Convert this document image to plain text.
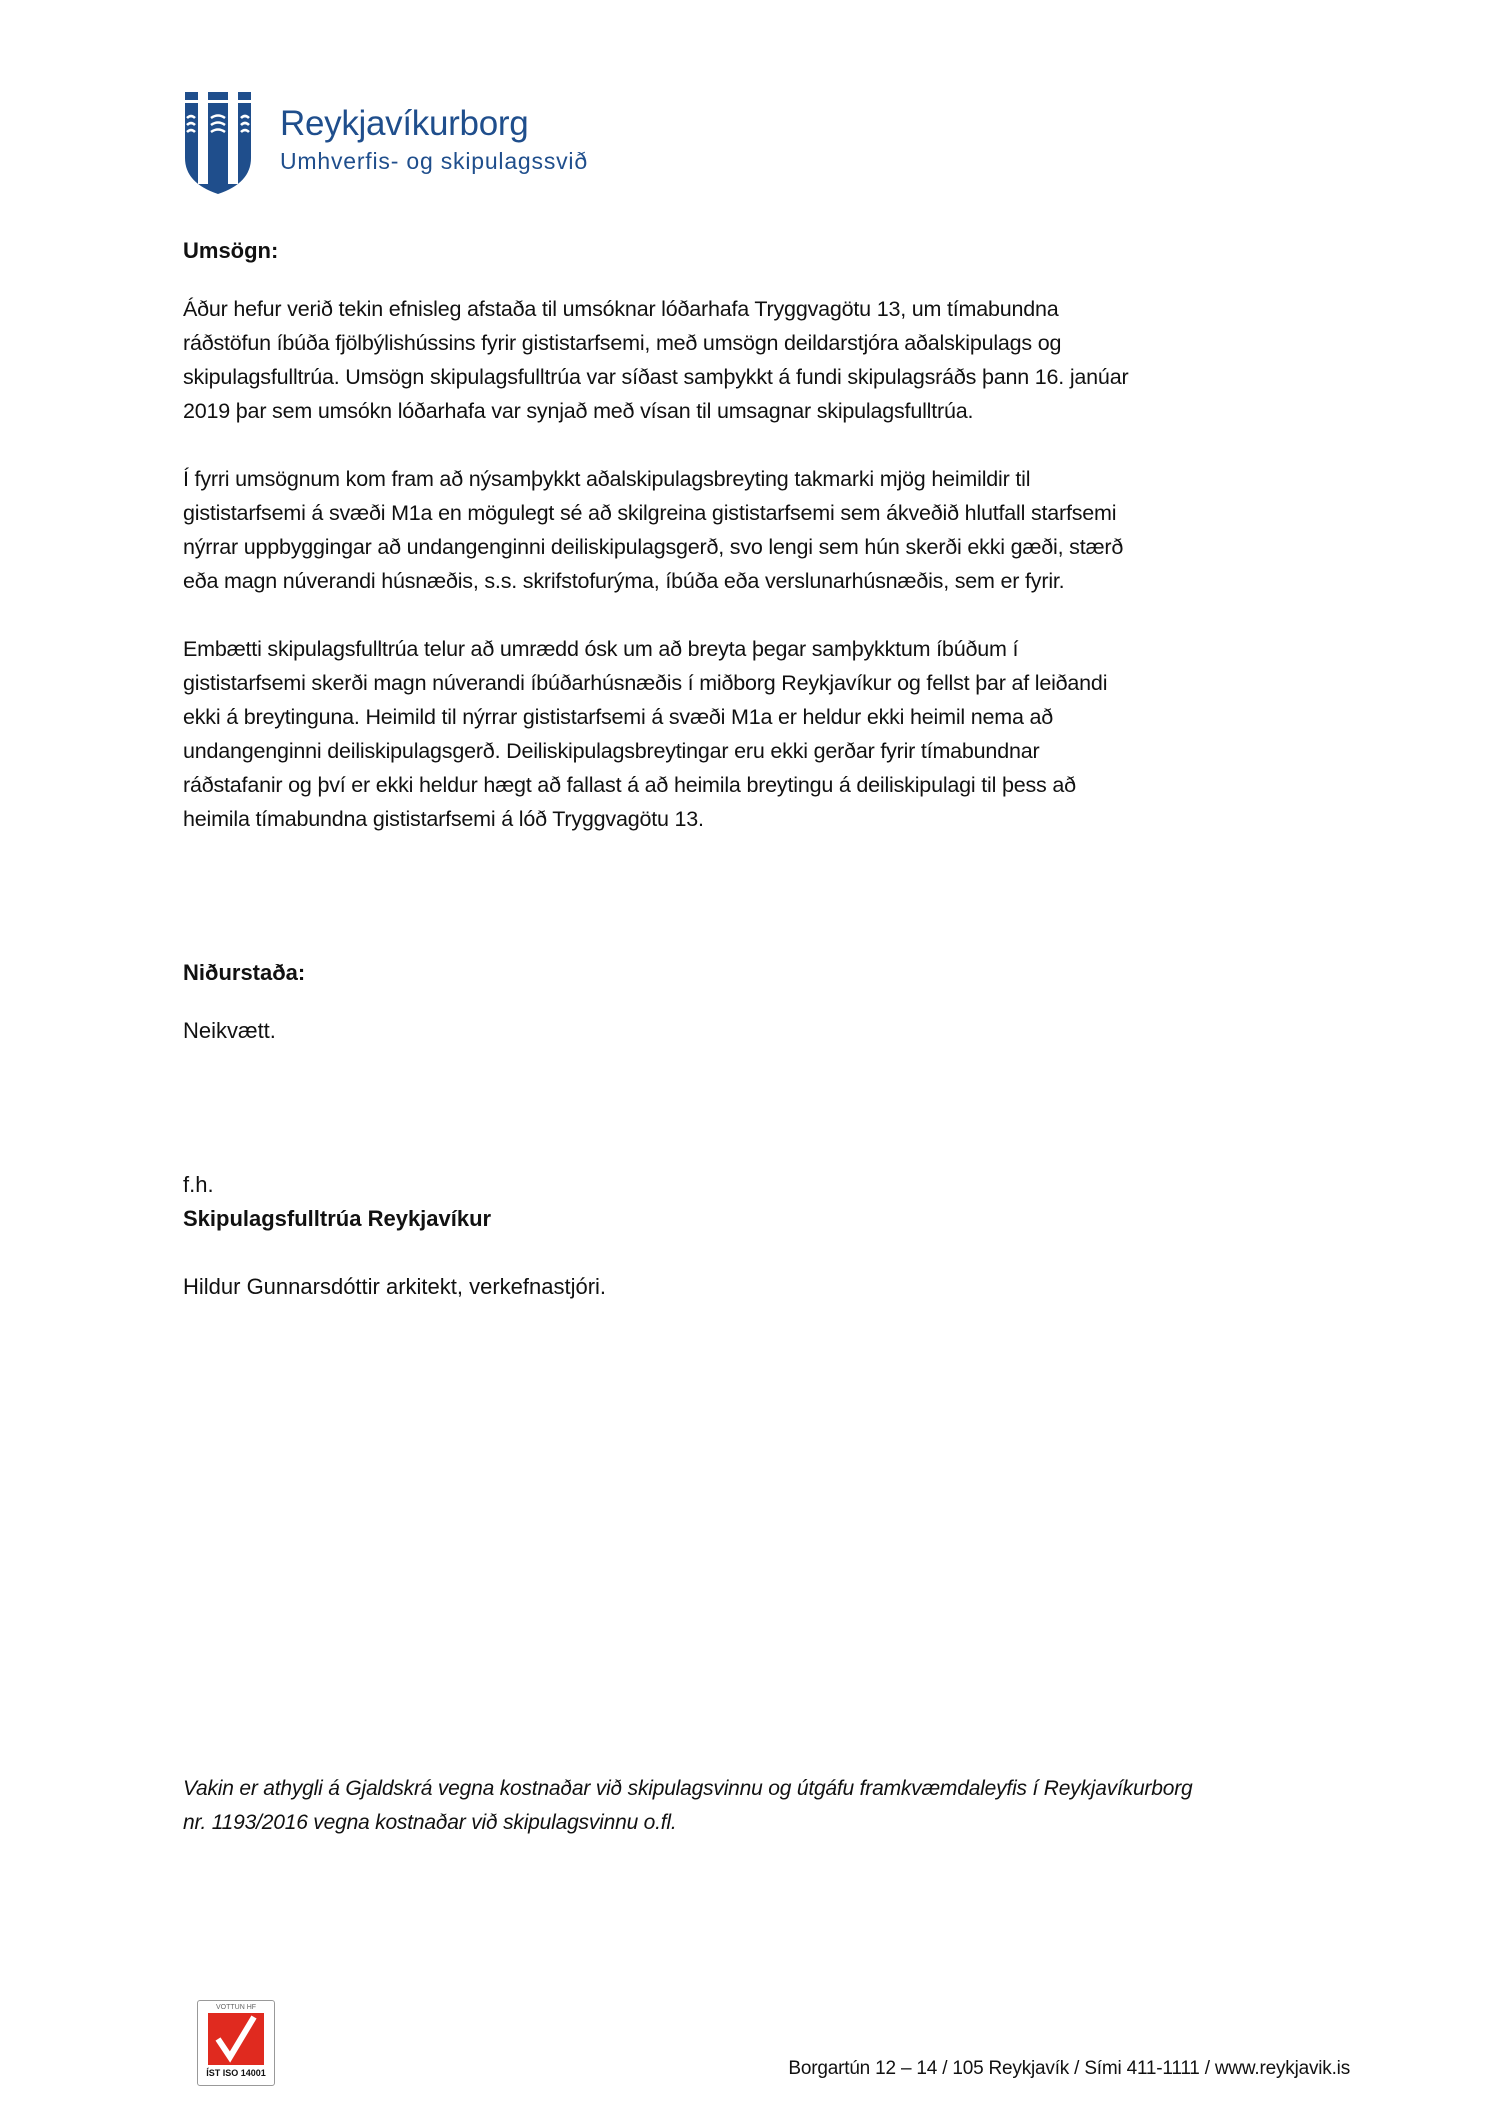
Reykjavíkurborg
Umhverfis- og skipulagssvið
Umsögn:
Áður hefur verið tekin efnisleg afstaða til umsóknar lóðarhafa Tryggvagötu 13, um tímabundna
ráðstöfun íbúða fjölbýlishússins fyrir gististarfsemi, með umsögn deildarstjóra aðalskipulags og
skipulagsfulltrúa. Umsögn skipulagsfulltrúa var síðast samþykkt á fundi skipulagsráðs þann 16. janúar
2019 þar sem umsókn lóðarhafa var synjað með vísan til umsagnar skipulagsfulltrúa.
Í fyrri umsögnum kom fram að nýsamþykkt aðalskipulagsbreyting takmarki mjög heimildir til
gististarfsemi á svæði M1a en mögulegt sé að skilgreina gististarfsemi sem ákveðið hlutfall starfsemi
nýrrar uppbyggingar að undangenginni deiliskipulagsgerð, svo lengi sem hún skerði ekki gæði, stærð
eða magn núverandi húsnæðis, s.s. skrifstofurýma, íbúða eða verslunarhúsnæðis, sem er fyrir.
Embætti skipulagsfulltrúa telur að umrædd ósk um að breyta þegar samþykktum íbúðum í
gististarfsemi skerði magn núverandi íbúðarhúsnæðis í miðborg Reykjavíkur og fellst þar af leiðandi
ekki á breytinguna. Heimild til nýrrar gististarfsemi á svæði M1a er heldur ekki heimil nema að
undangenginni deiliskipulagsgerð. Deiliskipulagsbreytingar eru ekki gerðar fyrir tímabundnar
ráðstafanir og því er ekki heldur hægt að fallast á að heimila breytingu á deiliskipulagi til þess að
heimila tímabundna gististarfsemi á lóð Tryggvagötu 13.
Niðurstaða:
Neikvætt.
f.h.
Skipulagsfulltrúa Reykjavíkur
Hildur Gunnarsdóttir arkitekt, verkefnastjóri.
Vakin er athygli á Gjaldskrá vegna kostnaðar við skipulagsvinnu og útgáfu framkvæmdaleyfis í Reykjavíkurborg
nr. 1193/2016 vegna kostnaðar við skipulagsvinnu o.fl.
VOTTUN HF
ÍST ISO 14001	Borgartún 12 – 14 / 105 Reykjavík / Sími 411-1111 / www.reykjavik.is
